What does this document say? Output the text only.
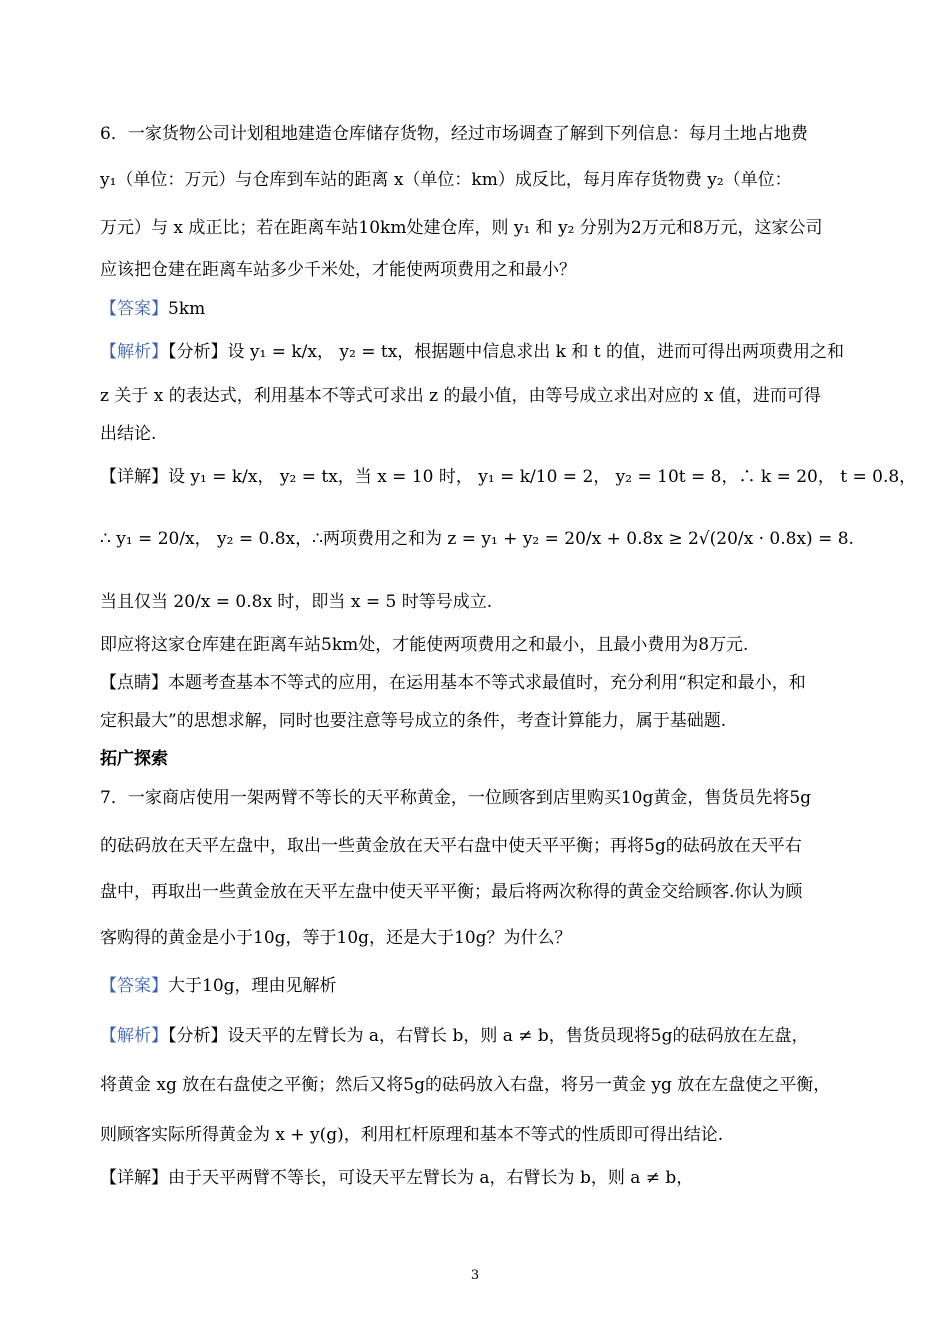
6．一家货物公司计划租地建造仓库储存货物，经过市场调查了解到下列信息：每月土地占地费
y₁（单位：万元）与仓库到车站的距离 x（单位：km）成反比，每月库存货物费 y₂（单位：
万元）与 x 成正比；若在距离车站10km处建仓库，则 y₁ 和 y₂ 分别为2万元和8万元，这家公司
应该把仓建在距离车站多少千米处，才能使两项费用之和最小？
【答案】5km
【解析】【分析】设 y₁ = k/x， y₂ = tx，根据题中信息求出 k 和 t 的值，进而可得出两项费用之和
z 关于 x 的表达式，利用基本不等式可求出 z 的最小值，由等号成立求出对应的 x 值，进而可得
出结论.
【详解】设 y₁ = k/x， y₂ = tx，当 x = 10 时， y₁ = k/10 = 2， y₂ = 10t = 8，∴ k = 20， t = 0.8，
∴ y₁ = 20/x， y₂ = 0.8x，∴两项费用之和为 z = y₁ + y₂ = 20/x + 0.8x ≥ 2√(20/x · 0.8x) = 8.
当且仅当 20/x = 0.8x 时，即当 x = 5 时等号成立.
即应将这家仓库建在距离车站5km处，才能使两项费用之和最小，且最小费用为8万元.
【点睛】本题考查基本不等式的应用，在运用基本不等式求最值时，充分利用“积定和最小，和
定积最大”的思想求解，同时也要注意等号成立的条件，考查计算能力，属于基础题.
拓广探索
7．一家商店使用一架两臂不等长的天平称黄金，一位顾客到店里购买10g黄金，售货员先将5g
的砝码放在天平左盘中，取出一些黄金放在天平右盘中使天平平衡；再将5g的砝码放在天平右
盘中，再取出一些黄金放在天平左盘中使天平平衡；最后将两次称得的黄金交给顾客.你认为顾
客购得的黄金是小于10g，等于10g，还是大于10g？为什么？
【答案】大于10g，理由见解析
【解析】【分析】设天平的左臂长为 a，右臂长 b，则 a ≠ b，售货员现将5g的砝码放在左盘，
将黄金 xg 放在右盘使之平衡；然后又将5g的砝码放入右盘，将另一黄金 yg 放在左盘使之平衡，
则顾客实际所得黄金为 x + y(g)，利用杠杆原理和基本不等式的性质即可得出结论.
【详解】由于天平两臂不等长，可设天平左臂长为 a，右臂长为 b，则 a ≠ b，
3
